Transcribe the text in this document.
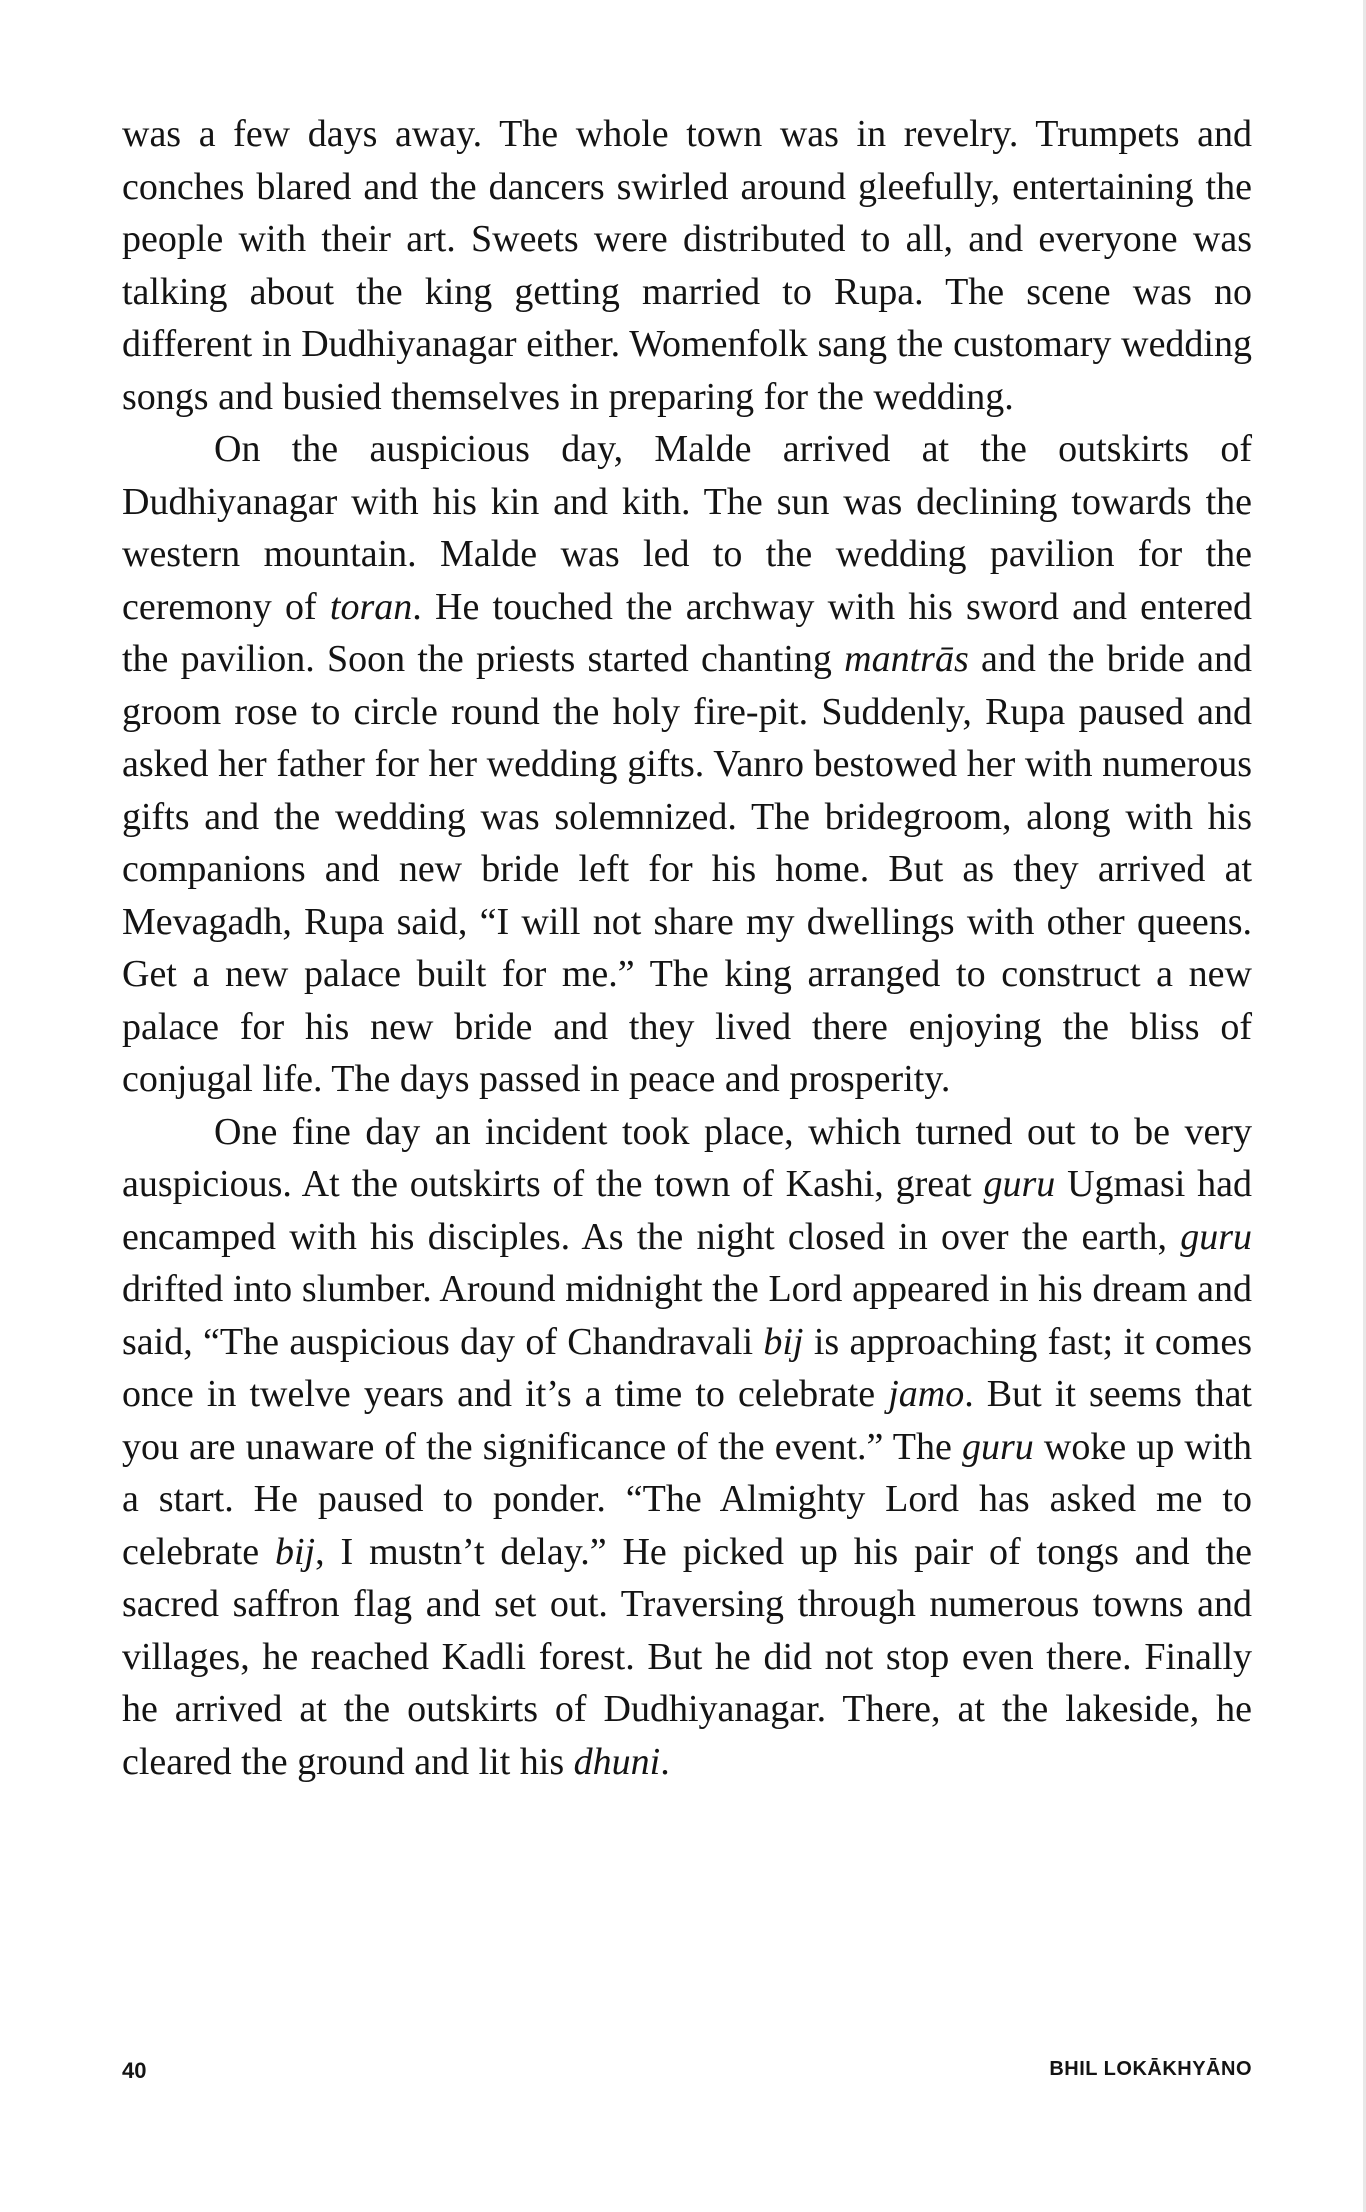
was a few days away. The whole town was in revelry. Trumpets and conches blared and the dancers swirled around gleefully, entertaining the people with their art. Sweets were distributed to all, and everyone was talking about the king getting married to Rupa. The scene was no different in Dudhiyanagar either. Womenfolk sang the customary wedding songs and busied themselves in preparing for the wedding.

On the auspicious day, Malde arrived at the outskirts of Dudhiyanagar with his kin and kith. The sun was declining towards the western mountain. Malde was led to the wedding pavilion for the ceremony of toran. He touched the archway with his sword and entered the pavilion. Soon the priests started chanting mantrās and the bride and groom rose to circle round the holy fire-pit. Suddenly, Rupa paused and asked her father for her wedding gifts. Vanro bestowed her with numerous gifts and the wedding was solemnized. The bridegroom, along with his companions and new bride left for his home. But as they arrived at Mevagadh, Rupa said, “I will not share my dwellings with other queens. Get a new palace built for me.” The king arranged to construct a new palace for his new bride and they lived there enjoying the bliss of conjugal life. The days passed in peace and prosperity.

One fine day an incident took place, which turned out to be very auspicious. At the outskirts of the town of Kashi, great guru Ugmasi had encamped with his disciples. As the night closed in over the earth, guru drifted into slumber. Around midnight the Lord appeared in his dream and said, “The auspicious day of Chandravali bij is approaching fast; it comes once in twelve years and it’s a time to celebrate jamo. But it seems that you are unaware of the significance of the event.” The guru woke up with a start. He paused to ponder. “The Almighty Lord has asked me to celebrate bij, I mustn’t delay.” He picked up his pair of tongs and the sacred saffron flag and set out. Traversing through numerous towns and villages, he reached Kadli forest. But he did not stop even there. Finally he arrived at the outskirts of Dudhiyanagar. There, at the lakeside, he cleared the ground and lit his dhuni.

40	BHIL LOKĀKHYĀNO
